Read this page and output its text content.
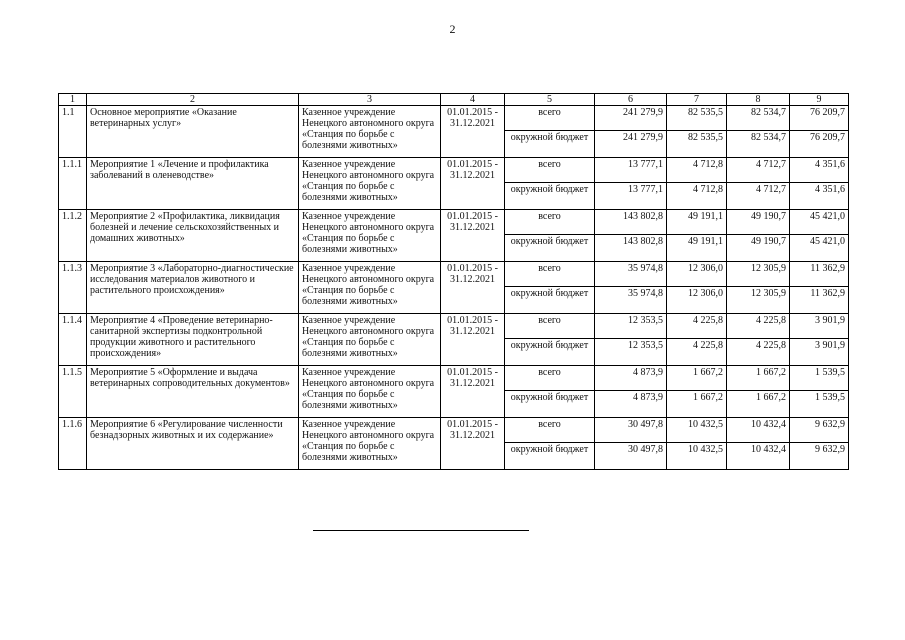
2
1	2	3	4	5	6	7	8	9
1.1	Основное мероприятие «Оказание ветеринарных услуг»	Казенное учреждение Ненецкого автономного округа «Станция по борьбе с болезнями животных»	01.01.2015 - 31.12.2021	всего	241 279,9	82 535,5	82 534,7	76 209,7
				окружной бюджет	241 279,9	82 535,5	82 534,7	76 209,7
1.1.1	Мероприятие 1 «Лечение и профилактика заболеваний в оленеводстве»	Казенное учреждение Ненецкого автономного округа «Станция по борьбе с болезнями животных»	01.01.2015 - 31.12.2021	всего	13 777,1	4 712,8	4 712,7	4 351,6
				окружной бюджет	13 777,1	4 712,8	4 712,7	4 351,6
1.1.2	Мероприятие 2 «Профилактика, ликвидация болезней и лечение сельскохозяйственных и домашних животных»	Казенное учреждение Ненецкого автономного округа «Станция по борьбе с болезнями животных»	01.01.2015 - 31.12.2021	всего	143 802,8	49 191,1	49 190,7	45 421,0
				окружной бюджет	143 802,8	49 191,1	49 190,7	45 421,0
1.1.3	Мероприятие 3 «Лабораторно-диагностические исследования материалов животного и растительного происхождения»	Казенное учреждение Ненецкого автономного округа «Станция по борьбе с болезнями животных»	01.01.2015 - 31.12.2021	всего	35 974,8	12 306,0	12 305,9	11 362,9
				окружной бюджет	35 974,8	12 306,0	12 305,9	11 362,9
1.1.4	Мероприятие 4 «Проведение ветеринарно-санитарной экспертизы подконтрольной продукции животного и растительного происхождения»	Казенное учреждение Ненецкого автономного округа «Станция по борьбе с болезнями животных»	01.01.2015 - 31.12.2021	всего	12 353,5	4 225,8	4 225,8	3 901,9
				окружной бюджет	12 353,5	4 225,8	4 225,8	3 901,9
1.1.5	Мероприятие 5 «Оформление и выдача ветеринарных сопроводительных документов»	Казенное учреждение Ненецкого автономного округа «Станция по борьбе с болезнями животных»	01.01.2015 - 31.12.2021	всего	4 873,9	1 667,2	1 667,2	1 539,5
				окружной бюджет	4 873,9	1 667,2	1 667,2	1 539,5
1.1.6	Мероприятие 6 «Регулирование численности безнадзорных животных и их содержание»	Казенное учреждение Ненецкого автономного округа «Станция по борьбе с болезнями животных»	01.01.2015 - 31.12.2021	всего	30 497,8	10 432,5	10 432,4	9 632,9
				окружной бюджет	30 497,8	10 432,5	10 432,4	9 632,9
